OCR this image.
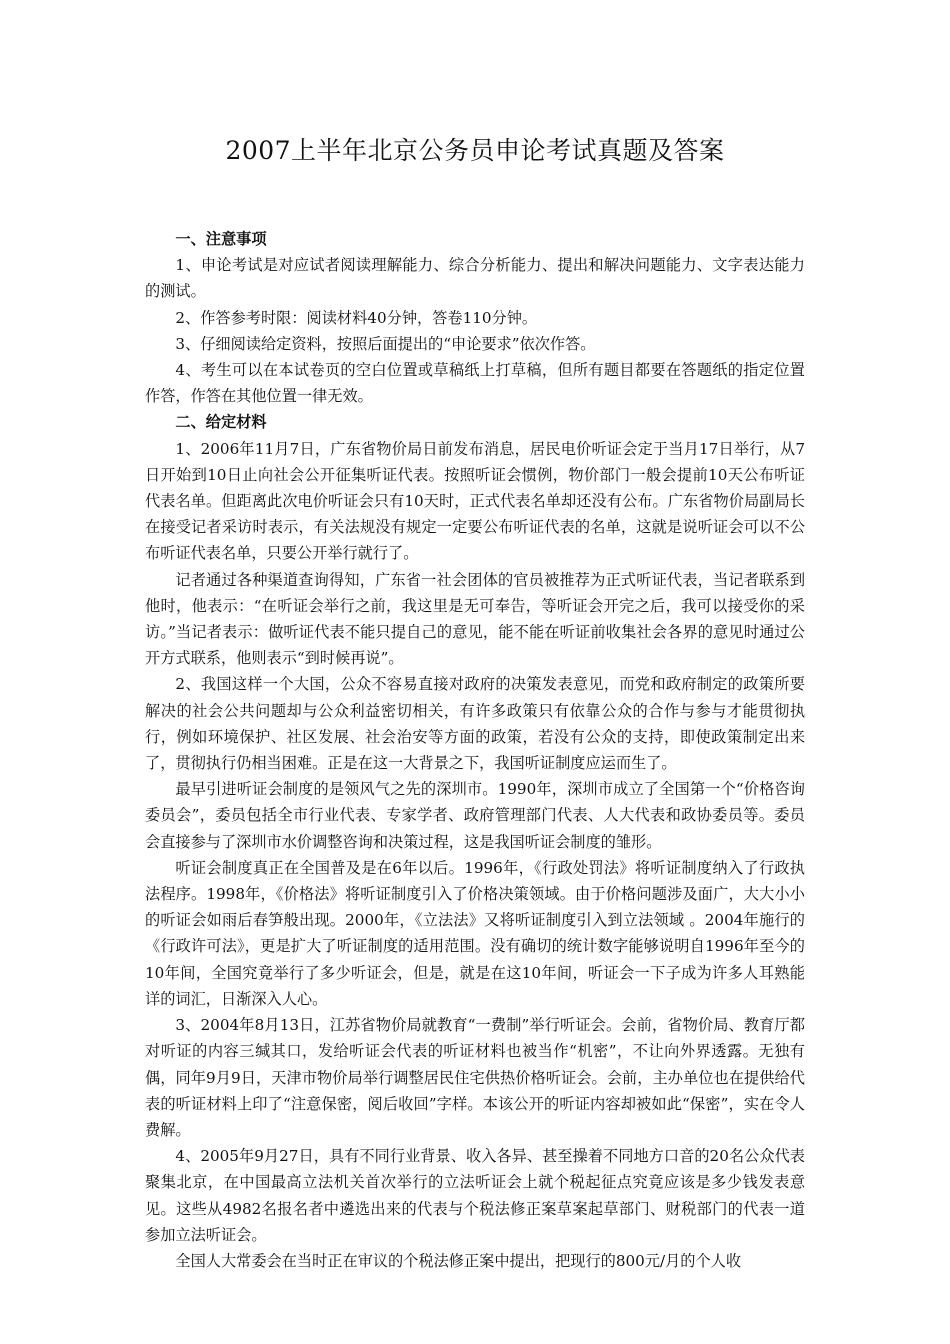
2007上半年北京公务员申论考试真题及答案

一、注意事项

1、申论考试是对应试者阅读理解能力、综合分析能力、提出和解决问题能力、文字表达能力的测试。

2、作答参考时限：阅读材料40分钟，答卷110分钟。

3、仔细阅读给定资料，按照后面提出的“申论要求”依次作答。

4、考生可以在本试卷页的空白位置或草稿纸上打草稿，但所有题目都要在答题纸的指定位置作答，作答在其他位置一律无效。

二、给定材料

1、2006年11月7日，广东省物价局日前发布消息，居民电价听证会定于当月17日举行，从7日开始到10日止向社会公开征集听证代表。按照听证会惯例，物价部门一般会提前10天公布听证代表名单。但距离此次电价听证会只有10天时，正式代表名单却还没有公布。广东省物价局副局长在接受记者采访时表示，有关法规没有规定一定要公布听证代表的名单，这就是说听证会可以不公布听证代表名单，只要公开举行就行了。

记者通过各种渠道查询得知，广东省一社会团体的官员被推荐为正式听证代表，当记者联系到他时，他表示：“在听证会举行之前，我这里是无可奉告，等听证会开完之后，我可以接受你的采访。”当记者表示：做听证代表不能只提自己的意见，能不能在听证前收集社会各界的意见时通过公开方式联系，他则表示“到时候再说”。

2、我国这样一个大国，公众不容易直接对政府的决策发表意见，而党和政府制定的政策所要解决的社会公共问题却与公众利益密切相关，有许多政策只有依靠公众的合作与参与才能贯彻执行，例如环境保护、社区发展、社会治安等方面的政策，若没有公众的支持，即使政策制定出来了，贯彻执行仍相当困难。正是在这一大背景之下，我国听证制度应运而生了。

最早引进听证会制度的是领风气之先的深圳市。1990年，深圳市成立了全国第一个“价格咨询委员会”，委员包括全市行业代表、专家学者、政府管理部门代表、人大代表和政协委员等。委员会直接参与了深圳市水价调整咨询和决策过程，这是我国听证会制度的雏形。

听证会制度真正在全国普及是在6年以后。1996年，《行政处罚法》将听证制度纳入了行政执法程序。1998年，《价格法》将听证制度引入了价格决策领域。由于价格问题涉及面广，大大小小的听证会如雨后春笋般出现。2000年，《立法法》又将听证制度引入到立法领域 。2004年施行的《行政许可法》，更是扩大了听证制度的适用范围。没有确切的统计数字能够说明自1996年至今的10年间，全国究竟举行了多少听证会，但是，就是在这10年间，听证会一下子成为许多人耳熟能详的词汇，日渐深入人心。

3、2004年8月13日，江苏省物价局就教育“一费制”举行听证会。会前，省物价局、教育厅都对听证的内容三缄其口，发给听证会代表的听证材料也被当作“机密”，不让向外界透露。无独有偶，同年9月9日，天津市物价局举行调整居民住宅供热价格听证会。会前，主办单位也在提供给代表的听证材料上印了“注意保密，阅后收回”字样。本该公开的听证内容却被如此“保密”，实在令人费解。

4、2005年9月27日，具有不同行业背景、收入各异、甚至操着不同地方口音的20名公众代表聚集北京，在中国最高立法机关首次举行的立法听证会上就个税起征点究竟应该是多少钱发表意见。这些从4982名报名者中遴选出来的代表与个税法修正案草案起草部门、财税部门的代表一道参加立法听证会。

全国人大常委会在当时正在审议的个税法修正案中提出，把现行的800元/月的个人收
